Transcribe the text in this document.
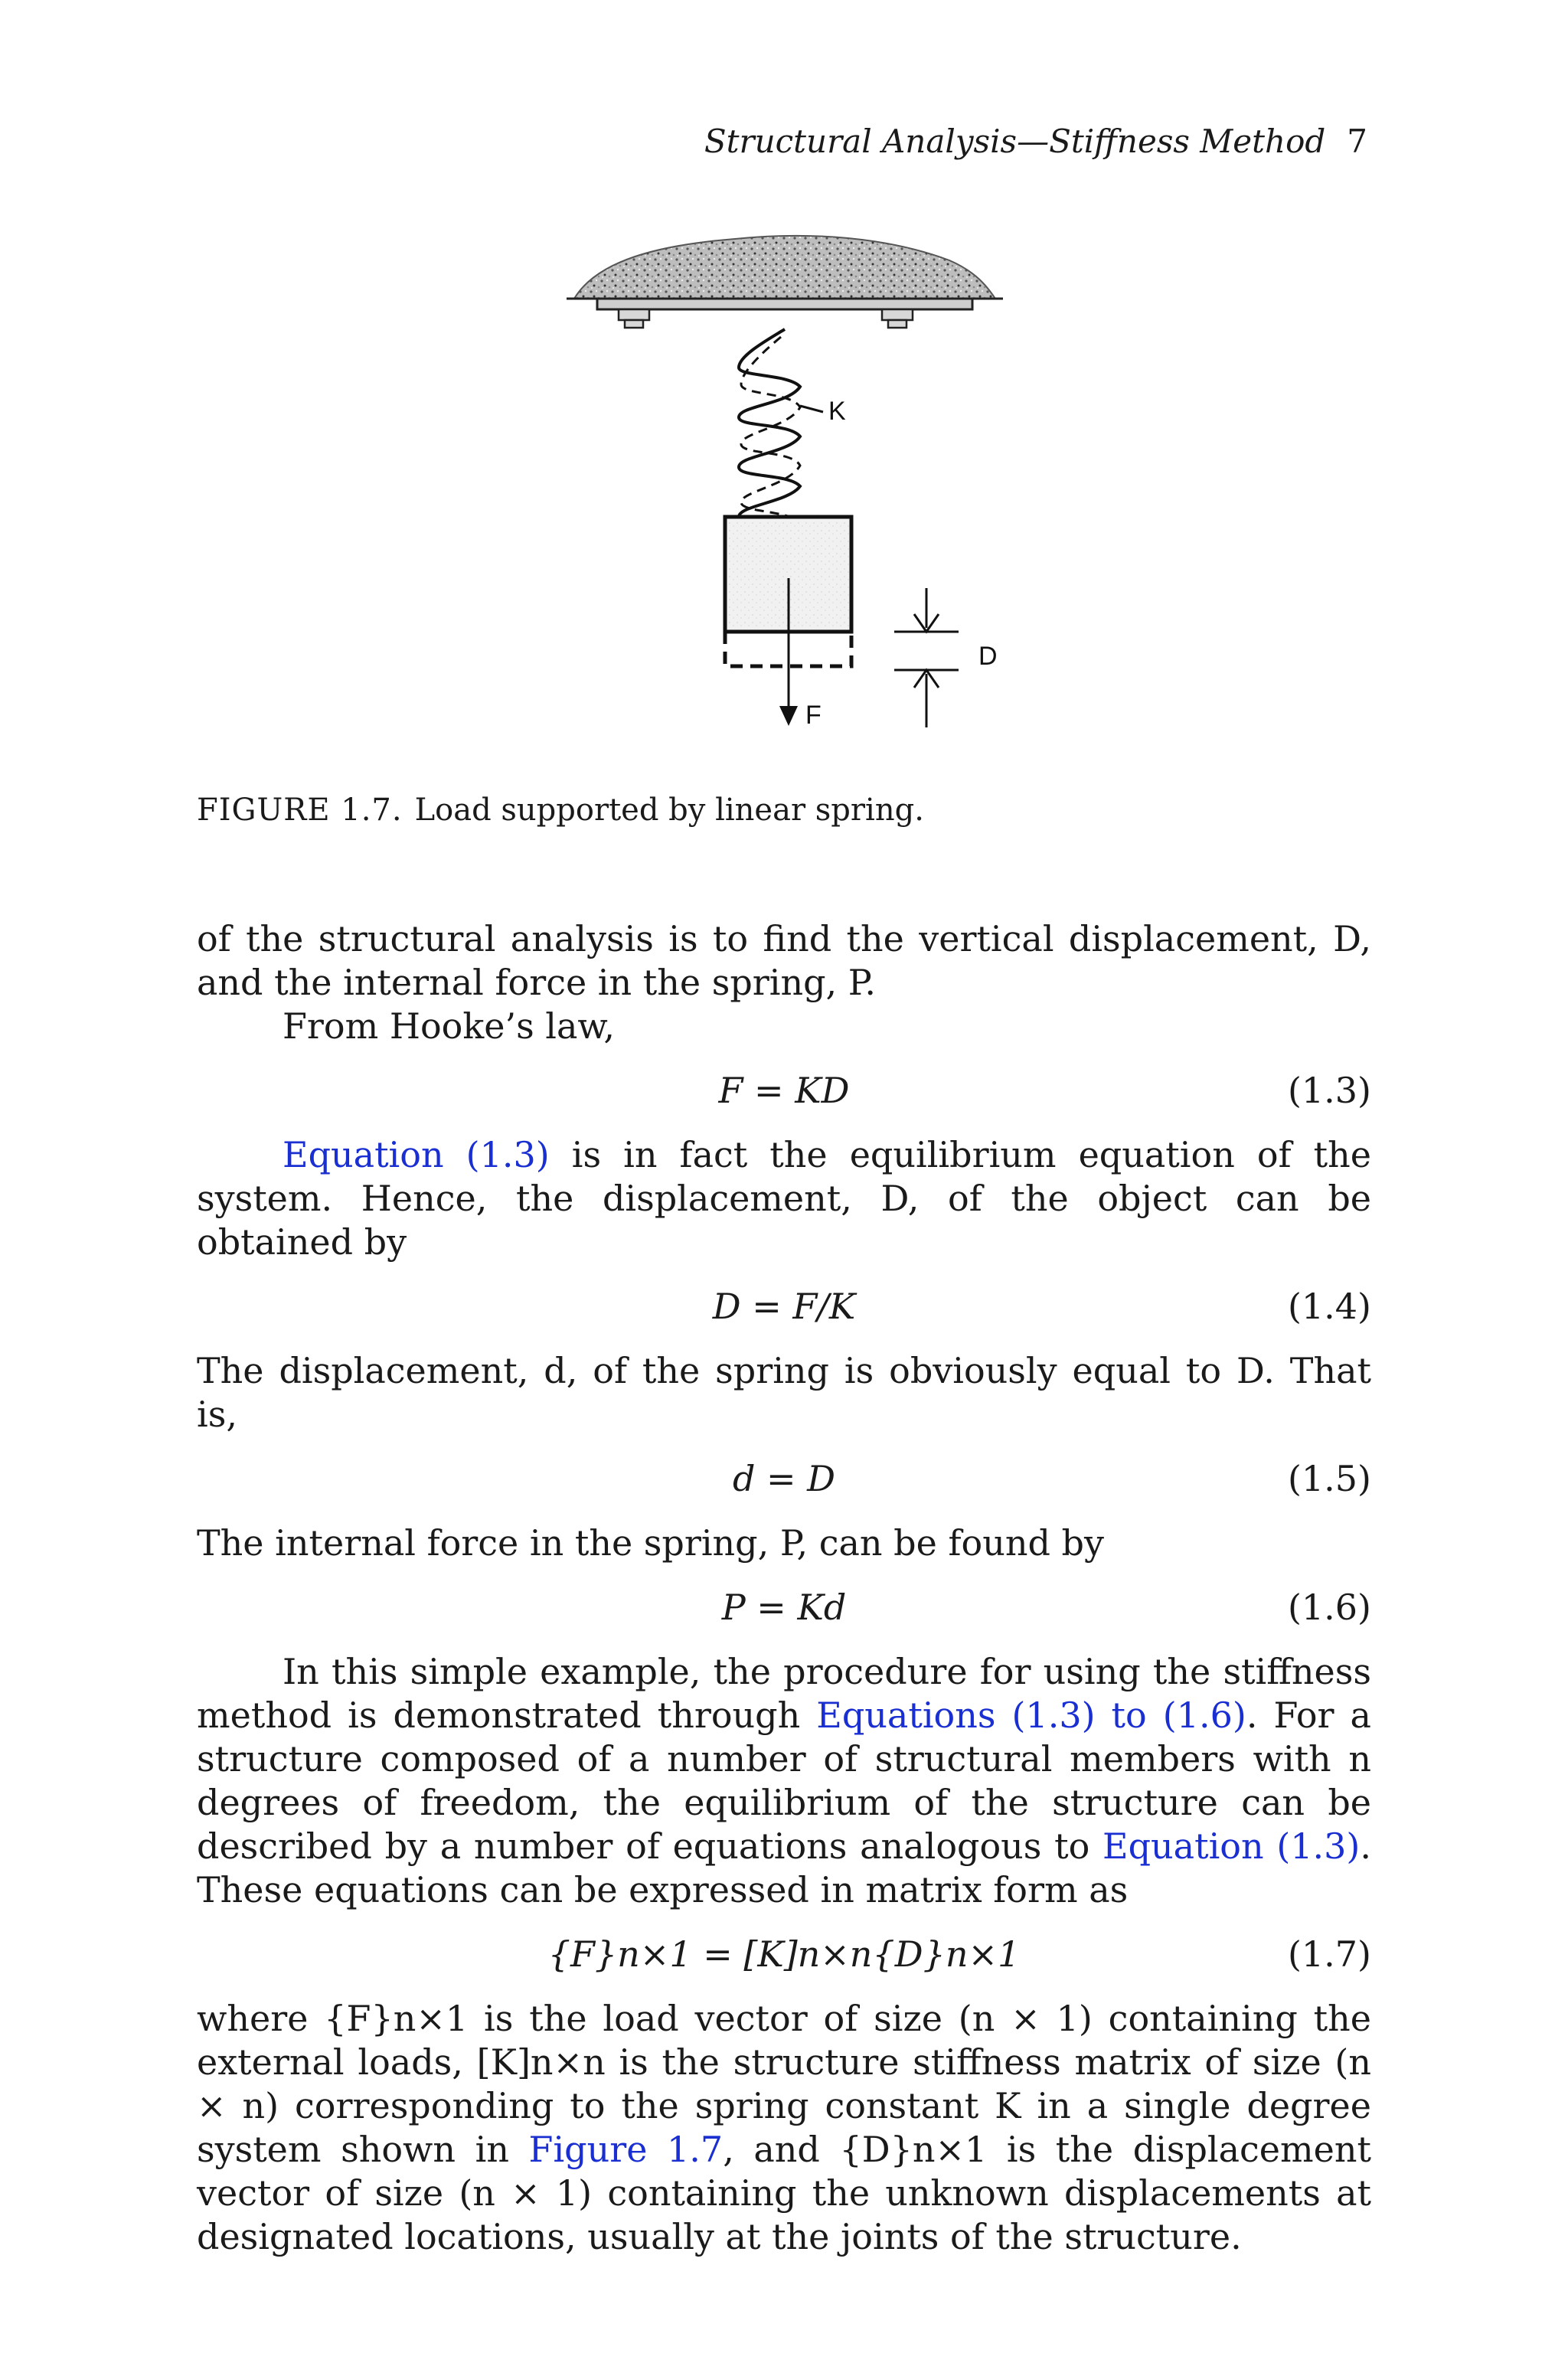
Structural Analysis—Stiffness Method 7
K
F
D
FIGURE 1.7. Load supported by linear spring.

of the structural analysis is to find the vertical displacement, D, and the internal force in the spring, P.

From Hooke’s law,

F = KD	(1.3)

Equation (1.3) is in fact the equilibrium equation of the system. Hence, the displacement, D, of the object can be obtained by

D = F/K	(1.4)

The displacement, d, of the spring is obviously equal to D. That is,

d = D	(1.5)

The internal force in the spring, P, can be found by

P = Kd	(1.6)

In this simple example, the procedure for using the stiffness method is demonstrated through Equations (1.3) to (1.6). For a structure composed of a number of structural members with n degrees of freedom, the equilibrium of the structure can be described by a number of equations analogous to Equation (1.3). These equations can be expressed in matrix form as

{F}n×1 = [K]n×n{D}n×1	(1.7)

where {F}n×1 is the load vector of size (n × 1) containing the external loads, [K]n×n is the structure stiffness matrix of size (n × n) corresponding to the spring constant K in a single degree system shown in Figure 1.7, and {D}n×1 is the displacement vector of size (n × 1) containing the unknown displacements at designated locations, usually at the joints of the structure.
